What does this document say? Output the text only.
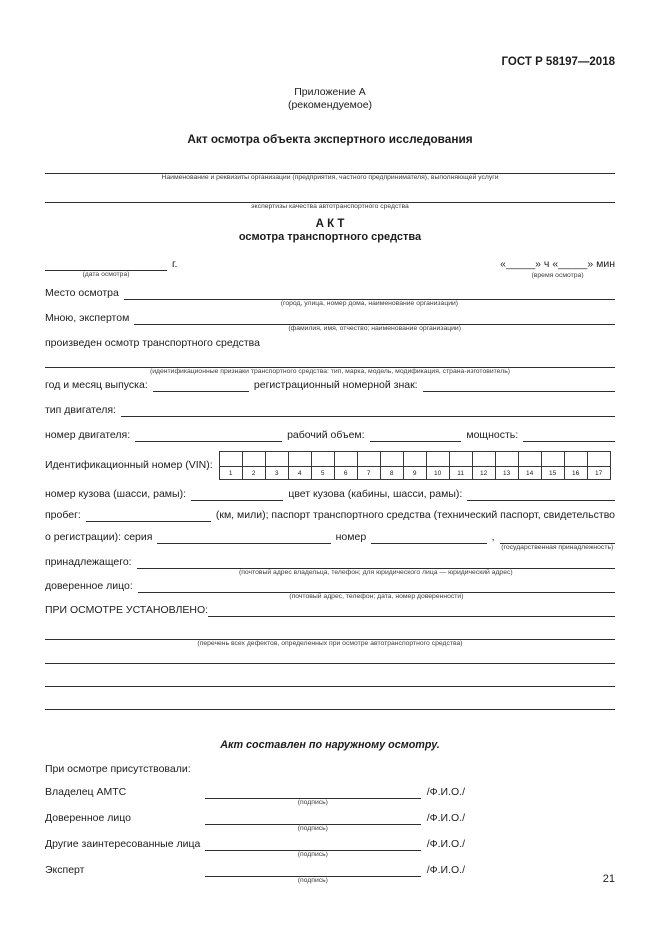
ГОСТ Р 58197—2018
Приложение А
(рекомендуемое)
Акт осмотра объекта экспертного исследования
Наименование и реквизиты организации (предприятия, частного предпринимателя), выполняющей услуги
экспертизы качества автотранспортного средства
А К Т
осмотра транспортного средства
(дата осмотра)
г.	«_____» ч «_____» мин
(время осмотра)
Место осмотра
(город, улица, номер дома, наименование организации)
Мною, экспертом
(фамилия, имя, отчество; наименование организации)
произведен осмотр транспортного средства
(идентификационные признаки транспортного средства: тип, марка, модель, модификация, страна-изготовитель)
год и месяц выпуска:	регистрационный номерной знак:
тип двигателя:
номер двигателя:	рабочий объем:	мощность:
Идентификационный номер (VIN):
1	2	3	4	5	6	7	8	9	10	11	12	13	14	15	16	17
номер кузова (шасси, рамы):	цвет кузова (кабины, шасси, рамы):
пробег:	(км, мили); паспорт транспортного средства (технический паспорт, свидетельство
о регистрации): серия	номер	,
(государственная принадлежность)
принадлежащего:
(почтовый адрес владельца, телефон; для юридического лица — юридический адрес)
доверенное лицо:
(почтовый адрес, телефон; дата, номер доверенности)
ПРИ ОСМОТРЕ УСТАНОВЛЕНО:
(перечень всех дефектов, определенных при осмотре автотранспортного средства)
Акт составлен по наружному осмотру.
При осмотре присутствовали:
Владелец АМТС
(подпись)
/Ф.И.О./
Доверенное лицо
(подпись)
/Ф.И.О./
Другие заинтересованные лица
(подпись)
/Ф.И.О./
Эксперт
(подпись)
/Ф.И.О./
21
